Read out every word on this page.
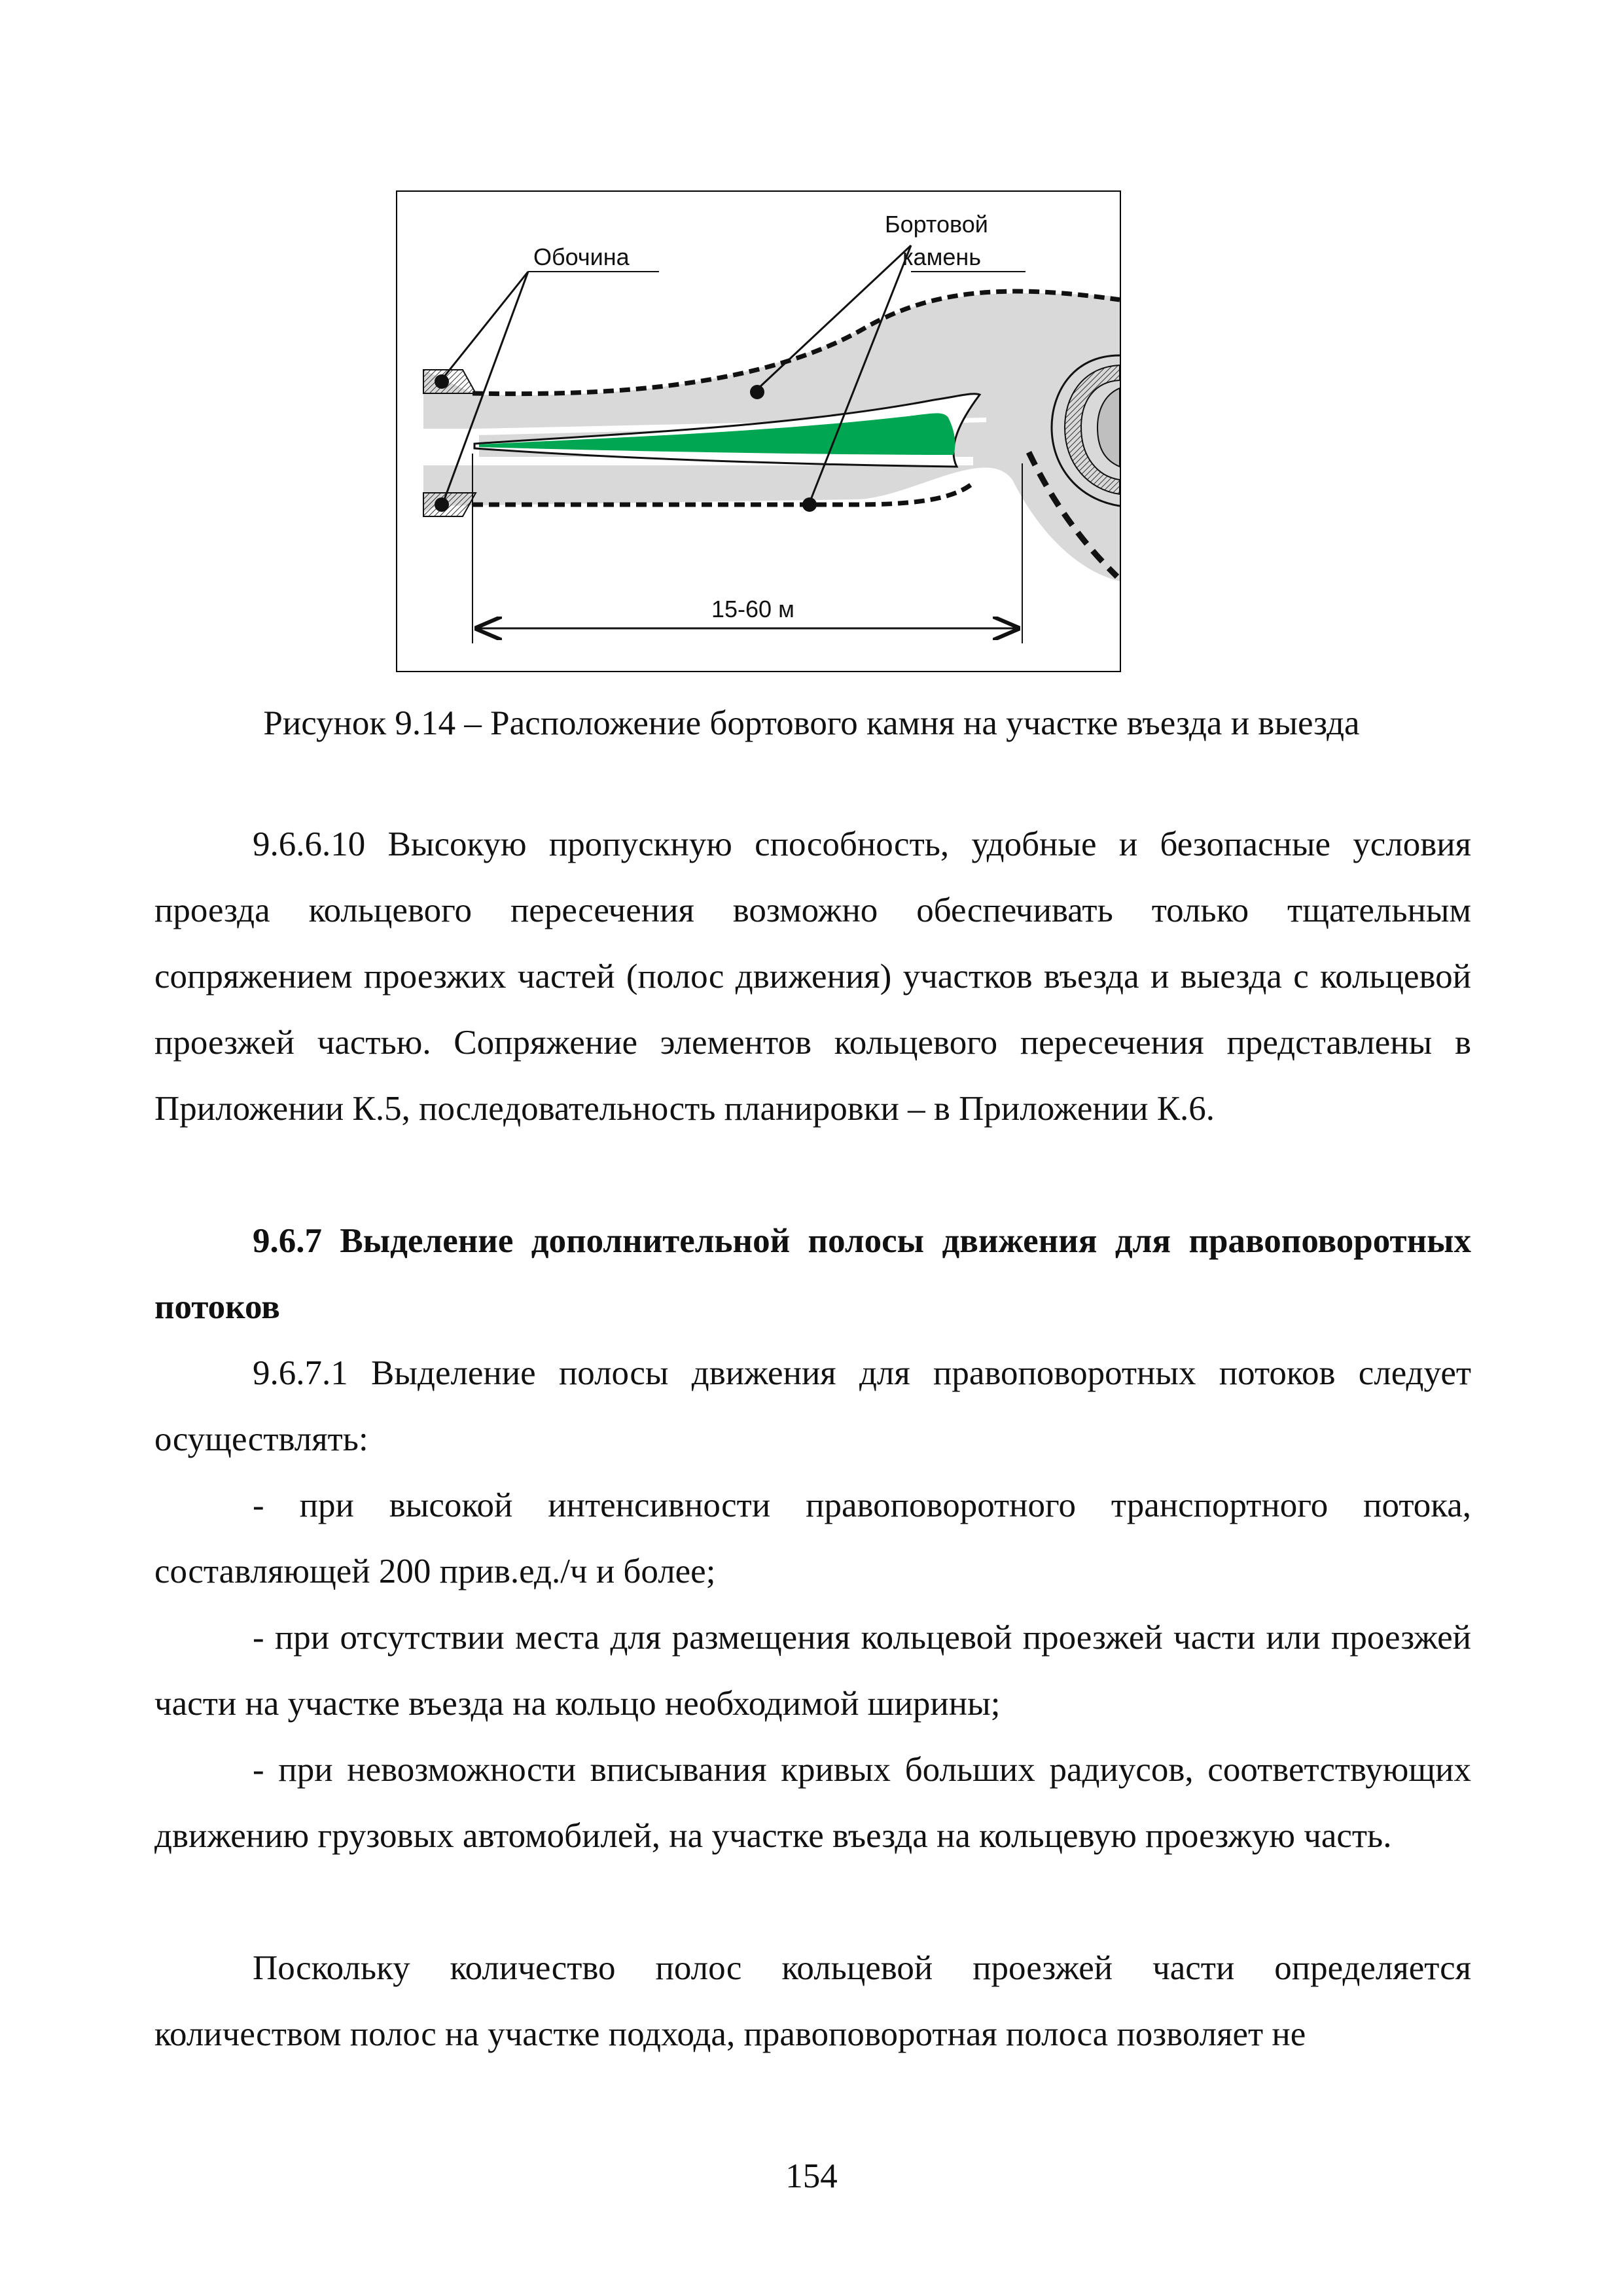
Обочина
Бортовой
камень
15-60 м
Рисунок 9.14 – Расположение бортового камня на участке въезда и выезда

9.6.6.10 Высокую пропускную способность, удобные и безопасные условия проезда кольцевого пересечения возможно обеспечивать только тщательным сопряжением проезжих частей (полос движения) участков въезда и выезда с кольцевой проезжей частью. Сопряжение элементов кольцевого пересечения представлены в Приложении К.5, последовательность планировки – в Приложении К.6.

9.6.7 Выделение дополнительной полосы движения для правоповоротных потоков

9.6.7.1 Выделение полосы движения для правоповоротных потоков следует осуществлять:

- при высокой интенсивности правоповоротного транспортного потока, составляющей 200 прив.ед./ч и более;

- при отсутствии места для размещения кольцевой проезжей части или проезжей части на участке въезда на кольцо необходимой ширины;

- при невозможности вписывания кривых больших радиусов, соответствующих движению грузовых автомобилей, на участке въезда на кольцевую проезжую часть.

Поскольку количество полос кольцевой проезжей части определяется количеством полос на участке подхода, правоповоротная полоса позволяет не

154
